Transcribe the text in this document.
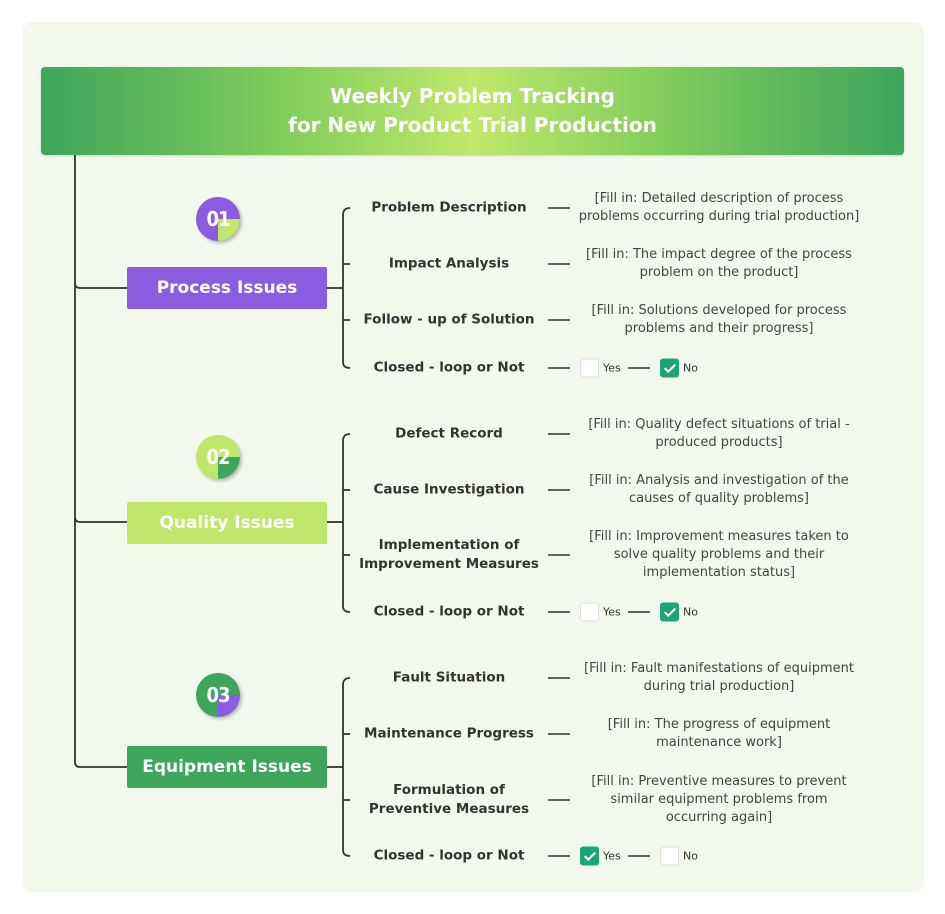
Weekly Problem Tracking
for New Product Trial Production
01
Process Issues
Problem Description
[Fill in: Detailed description of process problems occurring during trial production]
Impact Analysis
[Fill in: The impact degree of the process problem on the product]
Follow - up of Solution
[Fill in: Solutions developed for process problems and their progress]
Closed - loop or Not	Yes	No
02
Quality Issues
Defect Record
[Fill in: Quality defect situations of trial - produced products]
Cause Investigation
[Fill in: Analysis and investigation of the causes of quality problems]
Implementation of Improvement Measures
[Fill in: Improvement measures taken to solve quality problems and their implementation status]
Closed - loop or Not	Yes	No
03
Equipment Issues
Fault Situation
[Fill in: Fault manifestations of equipment during trial production]
Maintenance Progress
[Fill in: The progress of equipment maintenance work]
Formulation of Preventive Measures
[Fill in: Preventive measures to prevent similar equipment problems from occurring again]
Closed - loop or Not	Yes	No
